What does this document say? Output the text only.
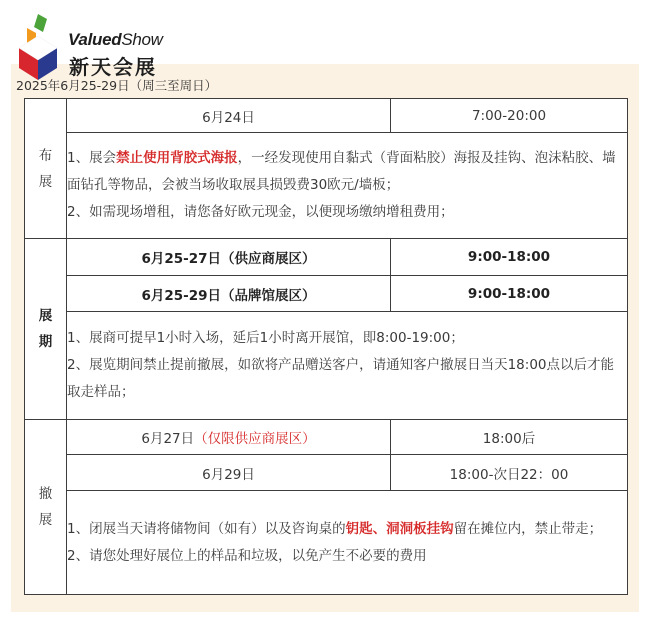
ValuedShow
新天会展
2025年6月25-29日（周三至周日）
布
展	6月24日	7:00-20:00

	1、展会禁止使用背胶式海报，一经发现使用自黏式（背面粘胶）海报及挂钩、泡沫粘胶、墙面钻孔等物品，会被当场收取展具损毁费30欧元/墙板；
2、如需现场增租，请您备好欧元现金，以便现场缴纳增租费用；	

展
期	6月25-27日（供应商展区）	9:00-18:00
	6月25-29日（品牌馆展区）	9:00-18:00

	1、展商可提早1小时入场，延后1小时离开展馆，即8:00-19:00；
2、展览期间禁止提前撤展，如欲将产品赠送客户，请通知客户撤展日当天18:00点以后才能取走样品；	

撤
展	6月27日（仅限供应商展区）	18:00后
	6月29日	18:00-次日22：00

	1、闭展当天请将储物间（如有）以及咨询桌的钥匙、洞洞板挂钩留在摊位内，禁止带走；
2、请您处理好展位上的样品和垃圾，以免产生不必要的费用	
